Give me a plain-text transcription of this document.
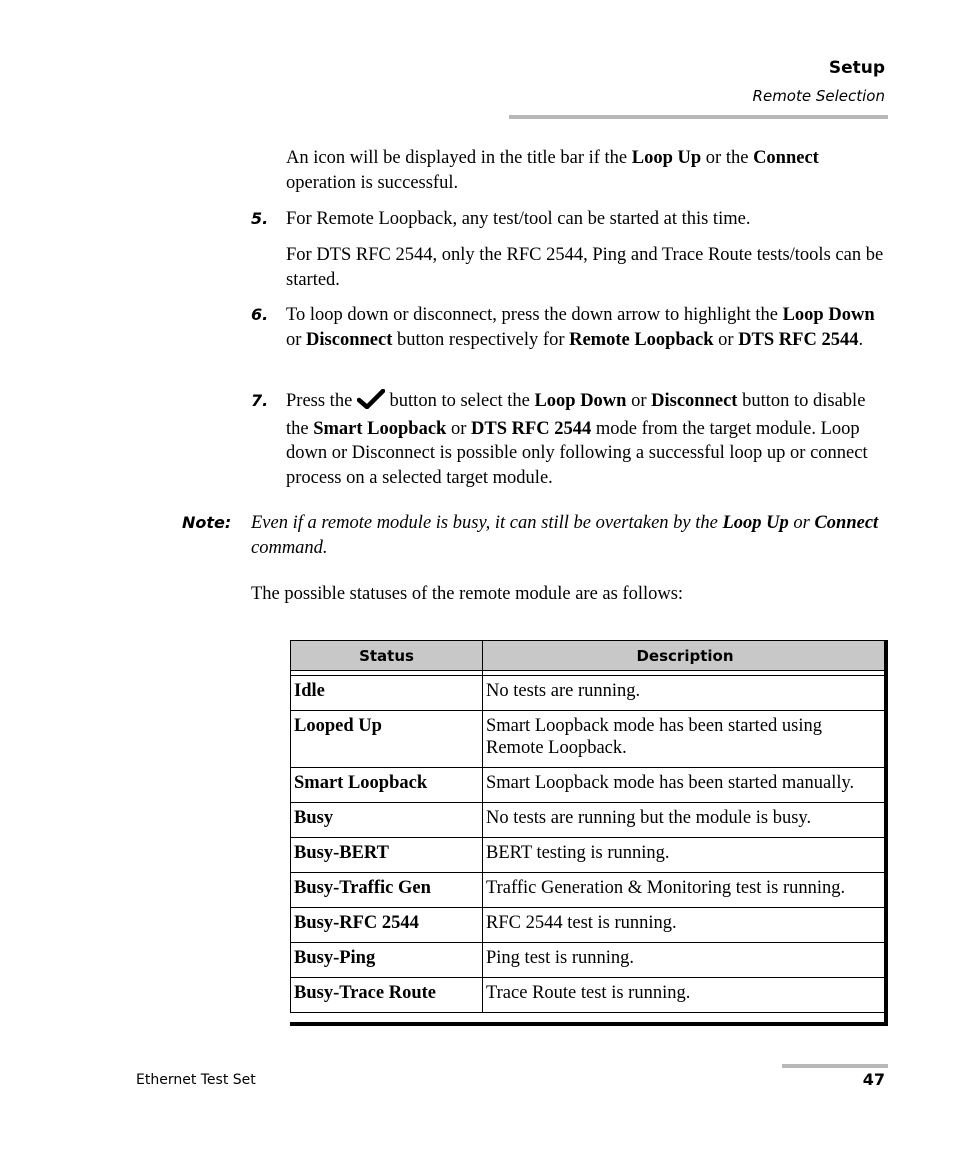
Setup
Remote Selection
An icon will be displayed in the title bar if the Loop Up or the Connect operation is successful.
5. For Remote Loopback, any test/tool can be started at this time.
For DTS RFC 2544, only the RFC 2544, Ping and Trace Route tests/tools can be started.
6. To loop down or disconnect, press the down arrow to highlight the Loop Down or Disconnect button respectively for Remote Loopback or DTS RFC 2544.
7. Press the  button to select the Loop Down or Disconnect button to disable the Smart Loopback or DTS RFC 2544 mode from the target module. Loop down or Disconnect is possible only following a successful loop up or connect process on a selected target module.
Note: Even if a remote module is busy, it can still be overtaken by the Loop Up or Connect command.
The possible statuses of the remote module are as follows:
Status	Description

Idle	No tests are running.
Looped Up	Smart Loopback mode has been started using Remote Loopback.
Smart Loopback	Smart Loopback mode has been started manually.
Busy	No tests are running but the module is busy.
Busy-BERT	BERT testing is running.
Busy-Traffic Gen	Traffic Generation & Monitoring test is running.
Busy-RFC 2544	RFC 2544 test is running.
Busy-Ping	Ping test is running.
Busy-Trace Route	Trace Route test is running.
Ethernet Test Set	47
